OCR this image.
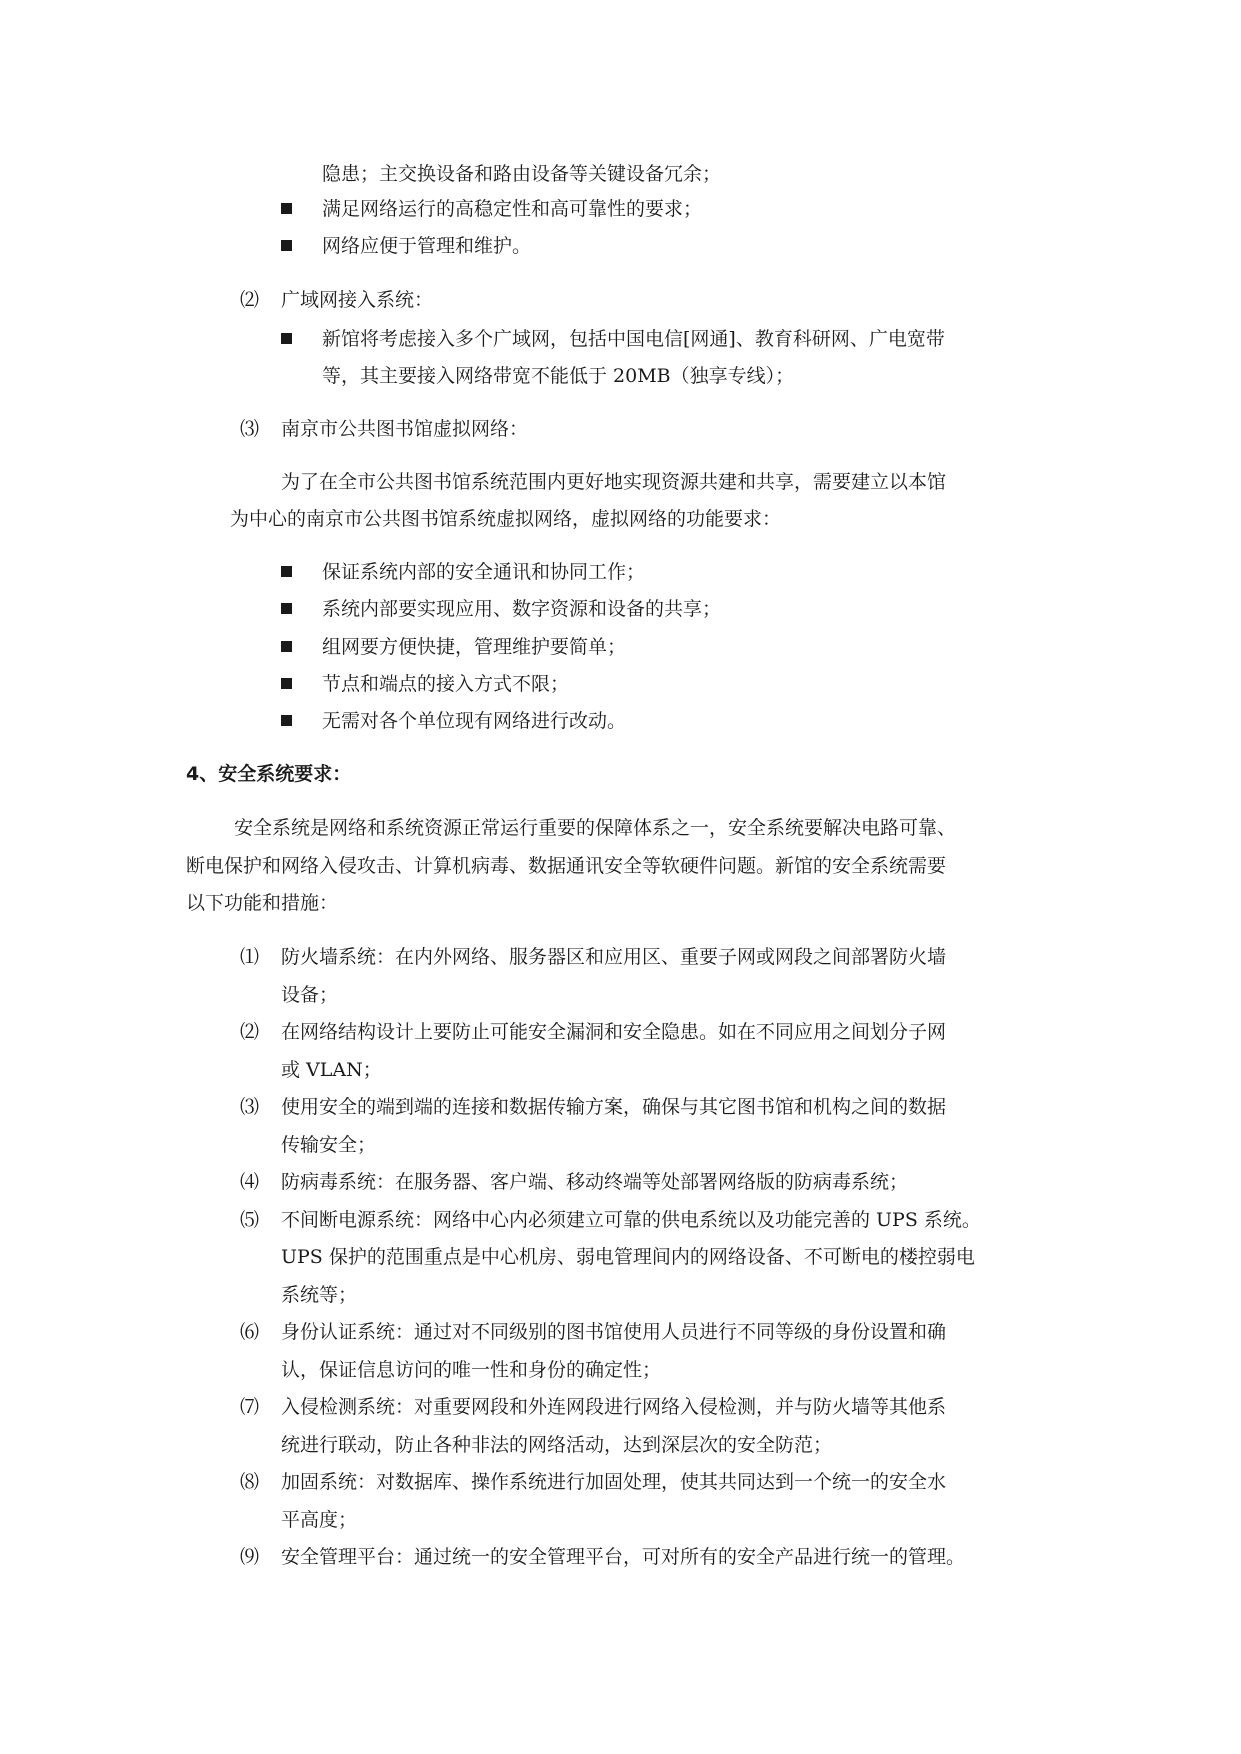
隐患；主交换设备和路由设备等关键设备冗余；
满足网络运行的高稳定性和高可靠性的要求；
网络应便于管理和维护。
⑵ 广域网接入系统：
新馆将考虑接入多个广域网，包括中国电信[网通]、教育科研网、广电宽带
等，其主要接入网络带宽不能低于 20MB（独享专线）；
⑶ 南京市公共图书馆虚拟网络：
为了在全市公共图书馆系统范围内更好地实现资源共建和共享，需要建立以本馆
为中心的南京市公共图书馆系统虚拟网络，虚拟网络的功能要求：
保证系统内部的安全通讯和协同工作；
系统内部要实现应用、数字资源和设备的共享；
组网要方便快捷，管理维护要简单；
节点和端点的接入方式不限；
无需对各个单位现有网络进行改动。
4、安全系统要求：
安全系统是网络和系统资源正常运行重要的保障体系之一，安全系统要解决电路可靠、
断电保护和网络入侵攻击、计算机病毒、数据通讯安全等软硬件问题。新馆的安全系统需要
以下功能和措施：
⑴ 防火墙系统：在内外网络、服务器区和应用区、重要子网或网段之间部署防火墙
设备；
⑵ 在网络结构设计上要防止可能安全漏洞和安全隐患。如在不同应用之间划分子网
或 VLAN；
⑶ 使用安全的端到端的连接和数据传输方案，确保与其它图书馆和机构之间的数据
传输安全；
⑷ 防病毒系统：在服务器、客户端、移动终端等处部署网络版的防病毒系统；
⑸ 不间断电源系统：网络中心内必须建立可靠的供电系统以及功能完善的 UPS 系统。
UPS 保护的范围重点是中心机房、弱电管理间内的网络设备、不可断电的楼控弱电
系统等；
⑹ 身份认证系统：通过对不同级别的图书馆使用人员进行不同等级的身份设置和确
认，保证信息访问的唯一性和身份的确定性；
⑺ 入侵检测系统：对重要网段和外连网段进行网络入侵检测，并与防火墙等其他系
统进行联动，防止各种非法的网络活动，达到深层次的安全防范；
⑻ 加固系统：对数据库、操作系统进行加固处理，使其共同达到一个统一的安全水
平高度；
⑼ 安全管理平台：通过统一的安全管理平台，可对所有的安全产品进行统一的管理。
